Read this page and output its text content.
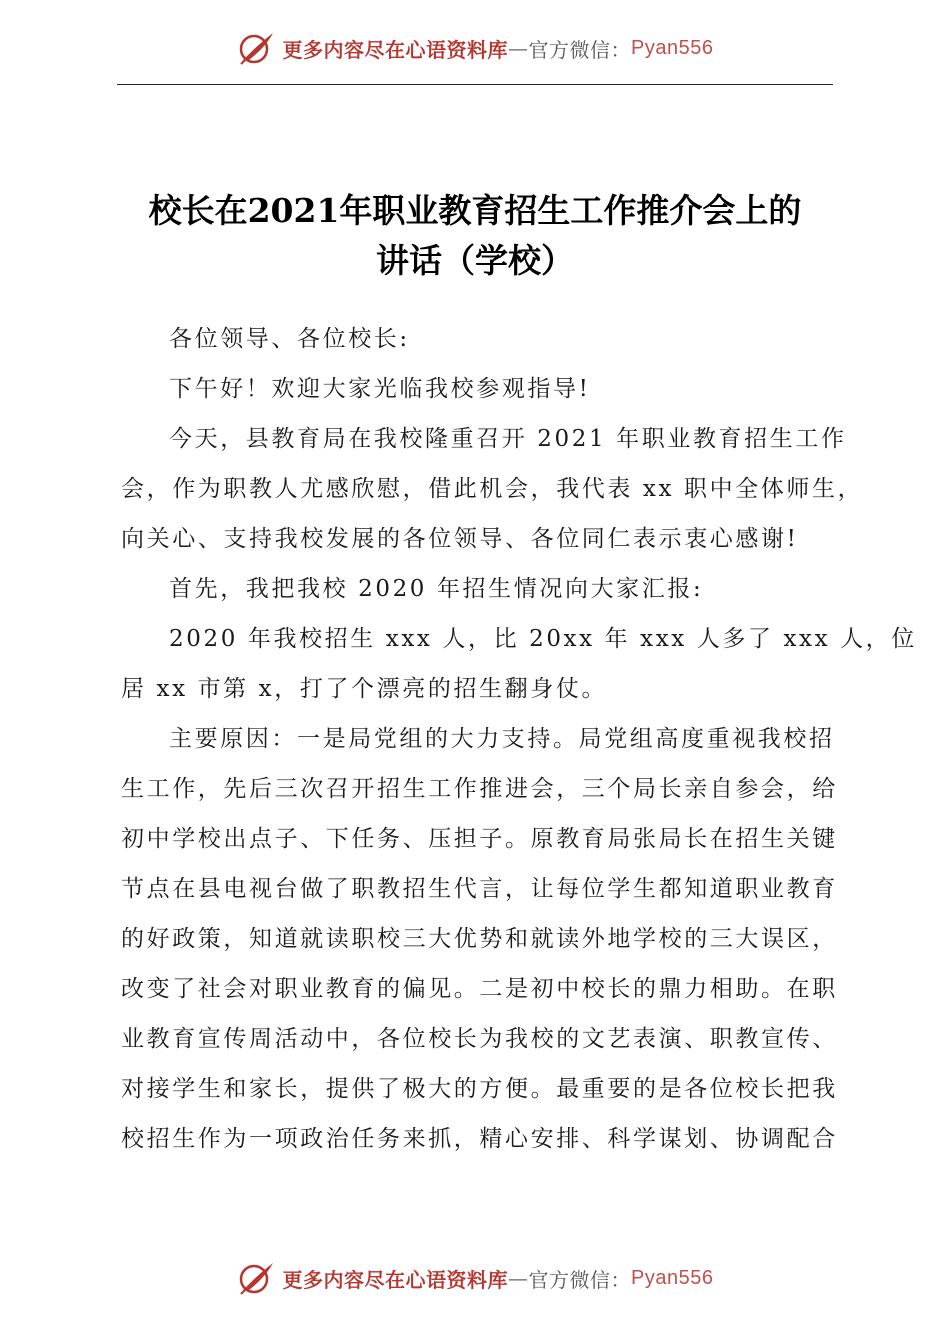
更多内容尽在心语资料库 — 官方微信： Pyan556
校长在2021年职业教育招生工作推介会上的
讲话（学校）
各位领导、各位校长:
下午好！欢迎大家光临我校参观指导!
今天，县教育局在我校隆重召开 2021 年职业教育招生工作
会，作为职教人尤感欣慰，借此机会，我代表 xx 职中全体师生，
向关心、支持我校发展的各位领导、各位同仁表示衷心感谢!
首先，我把我校 2020 年招生情况向大家汇报:
2020 年我校招生 xxx 人，比 20xx 年 xxx 人多了 xxx 人，位
居 xx 市第 x，打了个漂亮的招生翻身仗。
主要原因：一是局党组的大力支持。局党组高度重视我校招
生工作，先后三次召开招生工作推进会，三个局长亲自参会，给
初中学校出点子、下任务、压担子。原教育局张局长在招生关键
节点在县电视台做了职教招生代言，让每位学生都知道职业教育
的好政策，知道就读职校三大优势和就读外地学校的三大误区，
改变了社会对职业教育的偏见。二是初中校长的鼎力相助。在职
业教育宣传周活动中，各位校长为我校的文艺表演、职教宣传、
对接学生和家长，提供了极大的方便。最重要的是各位校长把我
校招生作为一项政治任务来抓，精心安排、科学谋划、协调配合
更多内容尽在心语资料库 — 官方微信： Pyan556
